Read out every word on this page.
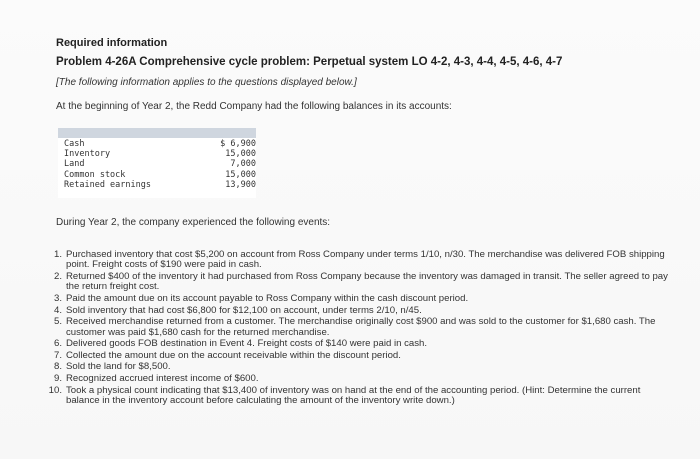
Required information
Problem 4-26A Comprehensive cycle problem: Perpetual system LO 4-2, 4-3, 4-4, 4-5, 4-6, 4-7
[The following information applies to the questions displayed below.]
At the beginning of Year 2, the Redd Company had the following balances in its accounts:
Cash	$ 6,900
Inventory	15,000
Land	7,000
Common stock	15,000
Retained earnings	13,900
During Year 2, the company experienced the following events:
1. Purchased inventory that cost $5,200 on account from Ross Company under terms 1/10, n/30. The merchandise was delivered FOB shipping point. Freight costs of $190 were paid in cash.
2. Returned $400 of the inventory it had purchased from Ross Company because the inventory was damaged in transit. The seller agreed to pay the return freight cost.
3. Paid the amount due on its account payable to Ross Company within the cash discount period.
4. Sold inventory that had cost $6,800 for $12,100 on account, under terms 2/10, n/45.
5. Received merchandise returned from a customer. The merchandise originally cost $900 and was sold to the customer for $1,680 cash. The customer was paid $1,680 cash for the returned merchandise.
6. Delivered goods FOB destination in Event 4. Freight costs of $140 were paid in cash.
7. Collected the amount due on the account receivable within the discount period.
8. Sold the land for $8,500.
9. Recognized accrued interest income of $600.
10. Took a physical count indicating that $13,400 of inventory was on hand at the end of the accounting period. (Hint: Determine the current balance in the inventory account before calculating the amount of the inventory write down.)
